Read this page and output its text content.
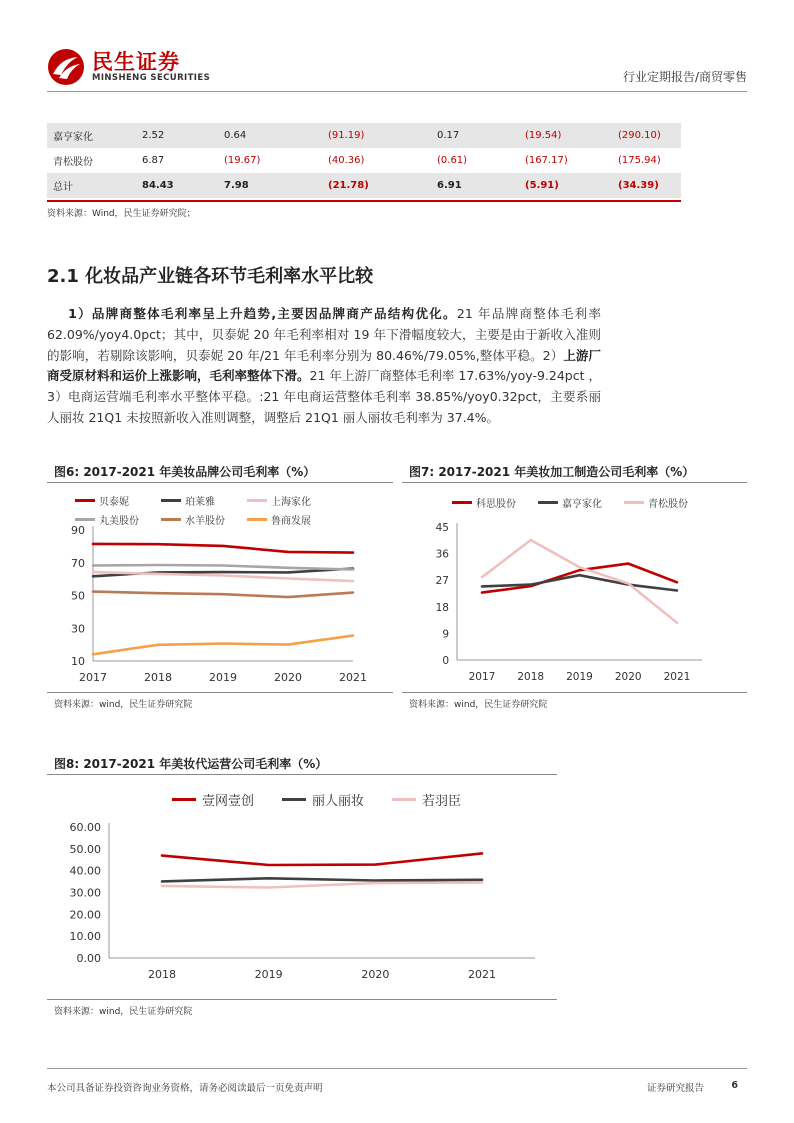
民生证券
MINSHENG SECURITIES	行业定期报告/商贸零售
嘉亨家化	2.52	0.64	(91.19)	0.17	(19.54)	(290.10)
青松股份	6.87	(19.67)	(40.36)	(0.61)	(167.17)	(175.94)
总计	84.43	7.98	(21.78)	6.91	(5.91)	(34.39)
资料来源：Wind，民生证券研究院；
2.1 化妆品产业链各环节毛利率水平比较
1）品牌商整体毛利率呈上升趋势,主要因品牌商产品结构优化。21 年品牌商整体毛利率 62.09%/yoy4.0pct；其中，贝泰妮 20 年毛利率相对 19 年下滑幅度较大，主要是由于新收入准则的影响，若剔除该影响，贝泰妮 20 年/21 年毛利率分别为 80.46%/79.05%,整体平稳。2）上游厂商受原材料和运价上涨影响，毛利率整体下滑。21 年上游厂商整体毛利率 17.63%/yoy-9.24pct ，3）电商运营端毛利率水平整体平稳。:21 年电商运营整体毛利率 38.85%/yoy0.32pct，主要系丽人丽妆 21Q1 未按照新收入准则调整，调整后 21Q1 丽人丽妆毛利率为 37.4%。
图6: 2017-2021 年美妆品牌公司毛利率（%）
资料来源：wind，民生证券研究院
贝泰妮	珀莱雅	上海家化
丸美股份	水羊股份	鲁商发展
10
30
50
70
90
2017	2018	2019	2020	2021
图7: 2017-2021 年美妆加工制造公司毛利率（%）
资料来源：wind，民生证券研究院
科思股份	嘉亨家化	青松股份
0
9
18
27
36
45
2017 2018 2019 2020 2021
图8: 2017-2021 年美妆代运营公司毛利率（%）
资料来源：wind，民生证券研究院
壹网壹创	丽人丽妆	若羽臣
0.00
10.00
20.00
30.00
40.00
50.00
60.00
2018	2019	2020	2021
本公司具备证券投资咨询业务资格，请务必阅读最后一页免责声明	证券研究报告	6
